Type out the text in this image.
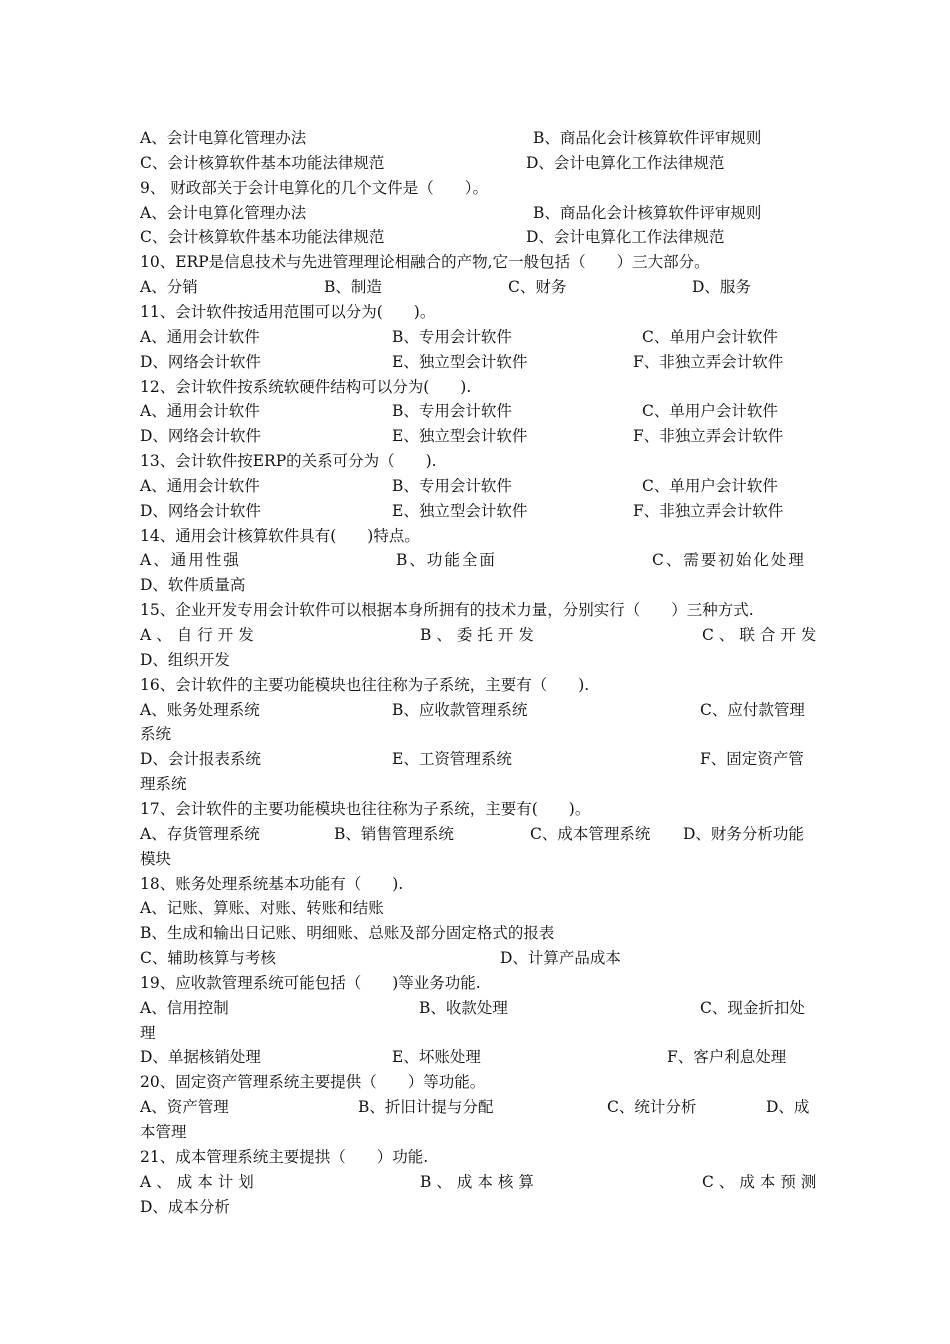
A、会计电算化管理办法	B、商品化会计核算软件评审规则
C、会计核算软件基本功能法律规范	D、会计电算化工作法律规范
9、 财政部关于会计电算化的几个文件是（　　）。
A、会计电算化管理办法	B、商品化会计核算软件评审规则
C、会计核算软件基本功能法律规范	D、会计电算化工作法律规范
10、ERP是信息技术与先进管理理论相融合的产物,它一般包括（　　）三大部分。
A、分销	B、制造	C、财务	D、服务
11、会计软件按适用范围可以分为(　　)。
A、通用会计软件	B、专用会计软件	C、单用户会计软件
D、网络会计软件	E、独立型会计软件	F、非独立弄会计软件
12、会计软件按系统软硬件结构可以分为(　　).
A、通用会计软件	B、专用会计软件	C、单用户会计软件
D、网络会计软件	E、独立型会计软件	F、非独立弄会计软件
13、会计软件按ERP的关系可分为（　　).
A、通用会计软件	B、专用会计软件	C、单用户会计软件
D、网络会计软件	E、独立型会计软件	F、非独立弄会计软件
14、通用会计核算软件具有(　　)特点。
A、通用性强	B、功能全面	C、需要初始化处理
D、软件质量高
15、企业开发专用会计软件可以根据本身所拥有的技术力量，分别实行（　　）三种方式.
A、自行开发	B、委托开发	C、联合开发
D、组织开发
16、会计软件的主要功能模块也往往称为子系统，主要有（　　).
A、账务处理系统	B、应收款管理系统	C、应付款管理
系统
D、会计报表系统	E、工资管理系统	F、固定资产管
理系统
17、会计软件的主要功能模块也往往称为子系统，主要有(　　)。
A、存货管理系统	B、销售管理系统	C、成本管理系统 D、财务分析功能
模块
18、账务处理系统基本功能有（　　).
A、记账、算账、对账、转账和结账
B、生成和输出日记账、明细账、总账及部分固定格式的报表
C、辅助核算与考核	D、计算产品成本
19、应收款管理系统可能包括（　　)等业务功能.
A、信用控制	B、收款处理	C、现金折扣处
理
D、单据核销处理	E、坏账处理	F、客户利息处理
20、固定资产管理系统主要提供（　　）等功能。
A、资产管理	B、折旧计提与分配	C、统计分析	D、成
本管理
21、成本管理系统主要提拱（　　）功能.
A、成本计划	B、成本核算	C、成本预测
D、成本分析
